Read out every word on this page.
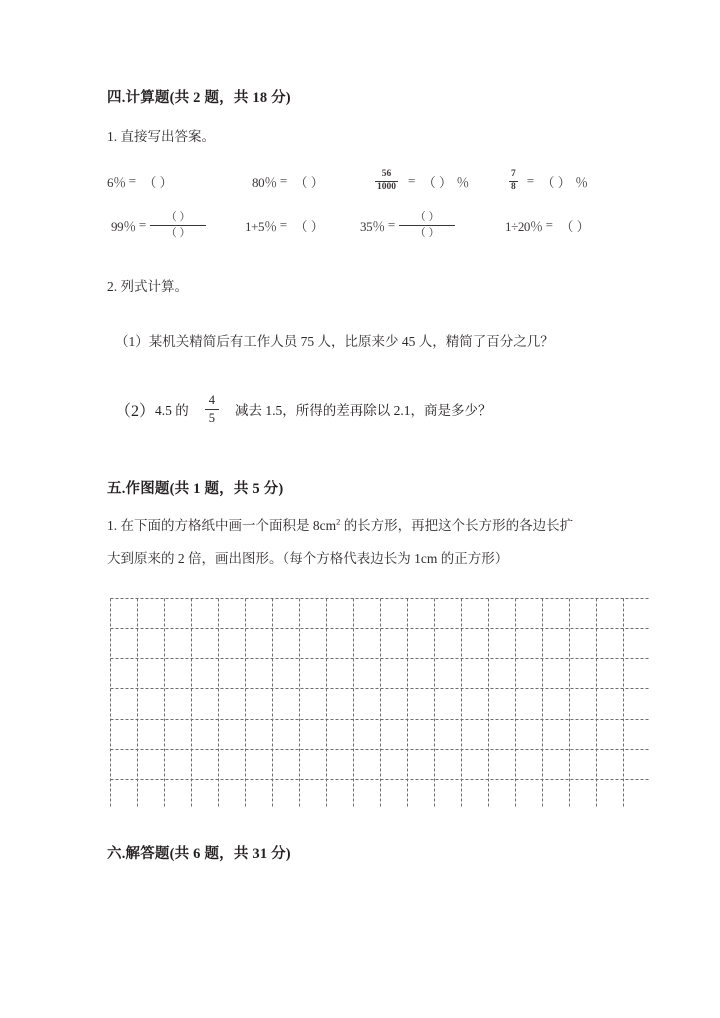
四.计算题(共 2 题，共 18 分)
1. 直接写出答案。
6％ = （ ）	80％ = （ ）	$\frac{56}{1000}$ = （ ） ％	$\frac{7}{8}$ = （ ） ％
99％ = $\frac{( )}{( )}$	1+5％ = （ ）	35％ = $\frac{( )}{( )}$	1÷20％ = （ ）
2. 列式计算。
（1）某机关精简后有工作人员 75 人，比原来少 45 人，精简了百分之几？
（2） 4.5 的 $\frac{4}{5}$ 减去 1.5，所得的差再除以 2.1，商是多少？
五.作图题(共 1 题，共 5 分)
1. 在下面的方格纸中画一个面积是 $8cm^2$ 的长方形，再把这个长方形的各边长扩
大到原来的 2 倍，画出图形。（每个方格代表边长为 1cm 的正方形）
六.解答题(共 6 题，共 31 分)
